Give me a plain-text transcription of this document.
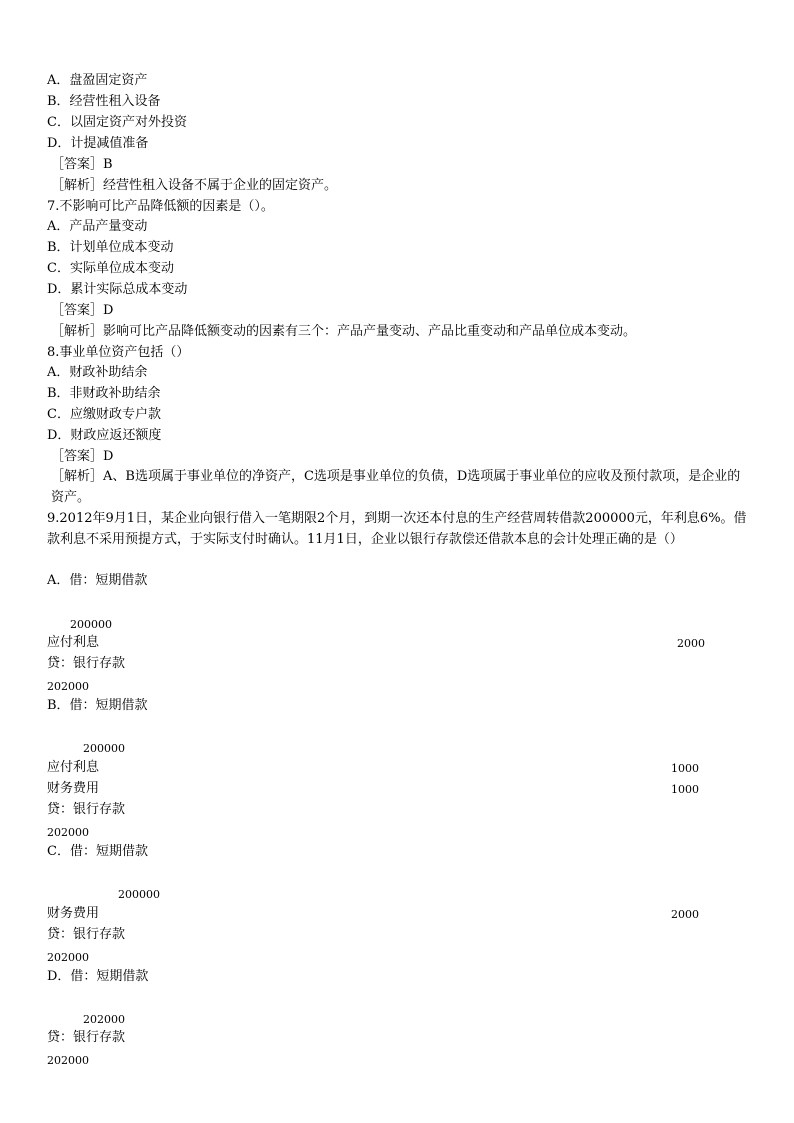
A．盘盈固定资产
B．经营性租入设备
C．以固定资产对外投资
D．计提减值准备
［答案］B
［解析］经营性租入设备不属于企业的固定资产。
7.不影响可比产品降低额的因素是（）。
A．产品产量变动
B．计划单位成本变动
C．实际单位成本变动
D．累计实际总成本变动
［答案］D
［解析］影响可比产品降低额变动的因素有三个：产品产量变动、产品比重变动和产品单位成本变动。
8.事业单位资产包括（）
A．财政补助结余
B．非财政补助结余
C．应缴财政专户款
D．财政应返还额度
［答案］D
［解析］A、B选项属于事业单位的净资产，C选项是事业单位的负债，D选项属于事业单位的应收及预付款项，是企业的资产。
9.2012年9月1日，某企业向银行借入一笔期限2个月，到期一次还本付息的生产经营周转借款200000元，年利息6%。借款利息不采用预提方式，于实际支付时确认。11月1日，企业以银行存款偿还借款本息的会计处理正确的是（）
A．借：短期借款
200000
应付利息	2000
贷：银行存款
202000
B．借：短期借款
200000
应付利息	1000
财务费用	1000
贷：银行存款
202000
C．借：短期借款
200000
财务费用	2000
贷：银行存款
202000
D．借：短期借款
202000
贷：银行存款
202000
